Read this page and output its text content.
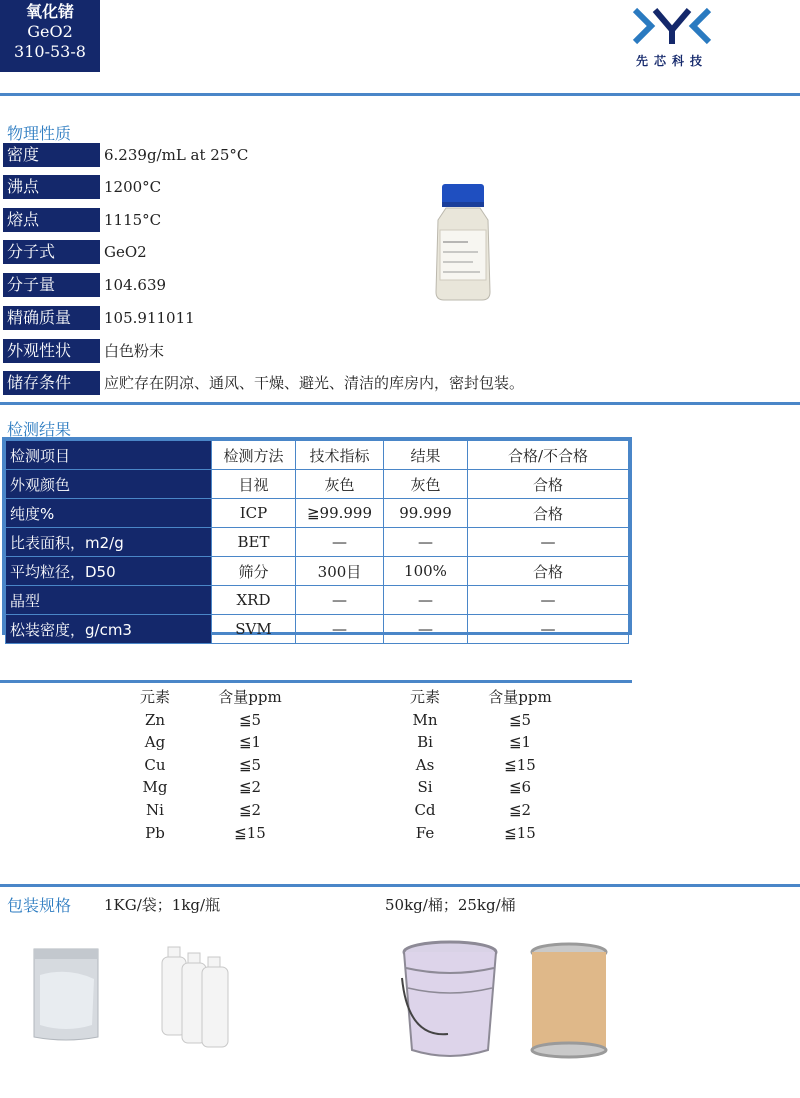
氧化锗
GeO2
310-53-8	先芯科技
物理性质
密度	6.239g/mL at 25°C
沸点	1200°C
熔点	1115°C
分子式	GeO2
分子量	104.639
精确质量	105.911011
外观性状	白色粉末
储存条件	应贮存在阴凉、通风、干燥、避光、清洁的库房内，密封包装。
检测结果
检测项目	检测方法	技术指标	结果	合格/不合格
外观颜色	目视	灰色	灰色	合格
纯度%	ICP	≧99.999	99.999	合格
比表面积，m2/g	BET	—	—	—
平均粒径，D50	筛分	300目	100%	合格
晶型	XRD	—	—	—
松装密度，g/cm3	SVM	—	—	—
元素	含量ppm
Zn	≦5
Ag	≦1
Cu	≦5
Mg	≦2
Ni	≦2
Pb	≦15
元素	含量ppm
Mn	≦5
Bi	≦1
As	≦15
Si	≦6
Cd	≦2
Fe	≦15
包装规格 1KG/袋；1kg/瓶	50kg/桶；25kg/桶
